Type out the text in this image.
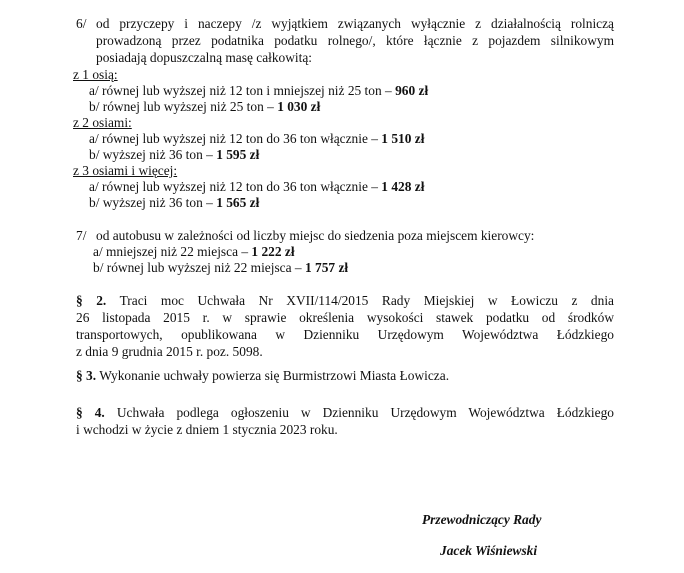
6/ od przyczepy i naczepy /z wyjątkiem związanych wyłącznie z działalnością rolniczą
prowadzoną przez podatnika podatku rolnego/, które łącznie z pojazdem silnikowym
posiadają dopuszczalną masę całkowitą:
z 1 osią:
a/ równej lub wyższej niż 12 ton i mniejszej niż 25 ton – 960 zł
b/ równej lub wyższej niż 25 ton – 1 030 zł
z 2 osiami:
a/ równej lub wyższej niż 12 ton do 36 ton włącznie – 1 510 zł
b/ wyższej niż 36 ton – 1 595 zł
z 3 osiami i więcej:
a/ równej lub wyższej niż 12 ton do 36 ton włącznie – 1 428 zł
b/ wyższej niż 36 ton – 1 565 zł
7/ od autobusu w zależności od liczby miejsc do siedzenia poza miejscem kierowcy:
a/ mniejszej niż 22 miejsca – 1 222 zł
b/ równej lub wyższej niż 22 miejsca – 1 757 zł
§ 2. Traci moc Uchwała Nr XVII/114/2015 Rady Miejskiej w Łowiczu z dnia
26 listopada 2015 r. w sprawie określenia wysokości stawek podatku od środków
transportowych, opublikowana w Dzienniku Urzędowym Województwa Łódzkiego
z dnia 9 grudnia 2015 r. poz. 5098.
§ 3. Wykonanie uchwały powierza się Burmistrzowi Miasta Łowicza.
§ 4. Uchwała podlega ogłoszeniu w Dzienniku Urzędowym Województwa Łódzkiego
i wchodzi w życie z dniem 1 stycznia 2023 roku.
Przewodniczący Rady
Jacek Wiśniewski
